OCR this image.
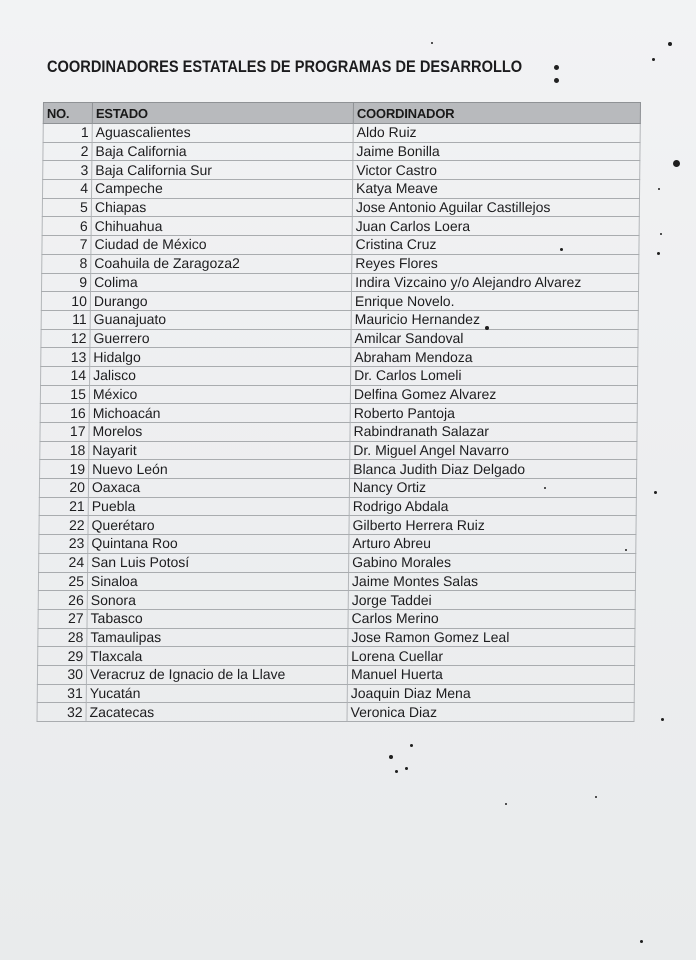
COORDINADORES ESTATALES DE PROGRAMAS DE DESARROLLO
NO.	ESTADO	COORDINADOR
1	Aguascalientes	Aldo Ruiz
2	Baja California	Jaime Bonilla
3	Baja California Sur	Victor Castro
4	Campeche	Katya Meave
5	Chiapas	Jose Antonio Aguilar Castillejos
6	Chihuahua	Juan Carlos Loera
7	Ciudad de México	Cristina Cruz
8	Coahuila de Zaragoza2	Reyes Flores
9	Colima	Indira Vizcaino y/o Alejandro Alvarez
10	Durango	Enrique Novelo.
11	Guanajuato	Mauricio Hernandez
12	Guerrero	Amilcar Sandoval
13	Hidalgo	Abraham Mendoza
14	Jalisco	Dr. Carlos Lomeli
15	México	Delfina Gomez Alvarez
16	Michoacán	Roberto Pantoja
17	Morelos	Rabindranath Salazar
18	Nayarit	Dr. Miguel Angel Navarro
19	Nuevo León	Blanca Judith Diaz Delgado
20	Oaxaca	Nancy Ortiz
21	Puebla	Rodrigo Abdala
22	Querétaro	Gilberto Herrera Ruiz
23	Quintana Roo	Arturo Abreu
24	San Luis Potosí	Gabino Morales
25	Sinaloa	Jaime Montes Salas
26	Sonora	Jorge Taddei
27	Tabasco	Carlos Merino
28	Tamaulipas	Jose Ramon Gomez Leal
29	Tlaxcala	Lorena Cuellar
30	Veracruz de Ignacio de la Llave	Manuel Huerta
31	Yucatán	Joaquin Diaz Mena
32	Zacatecas	Veronica Diaz
